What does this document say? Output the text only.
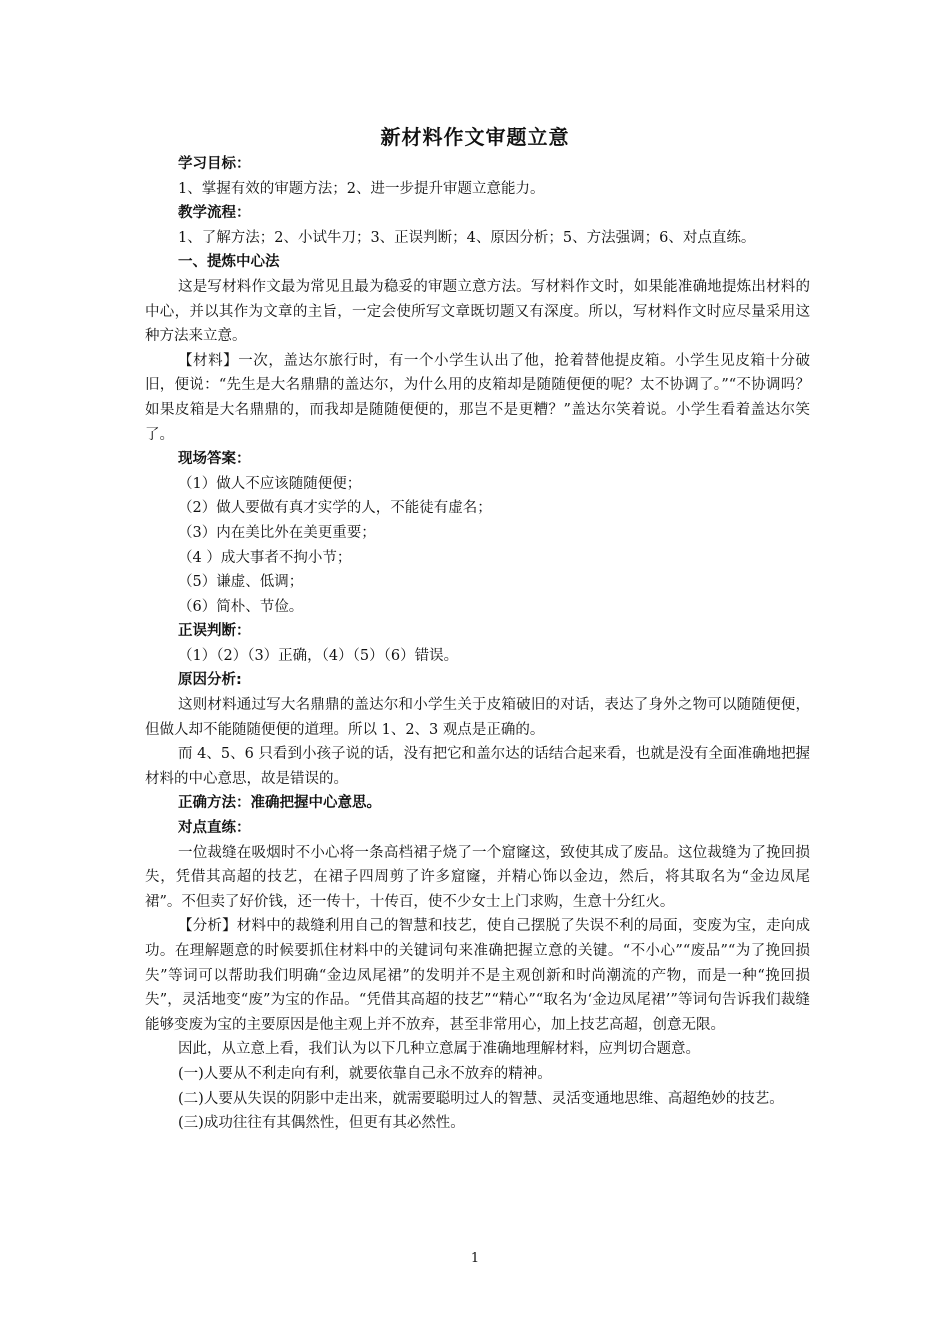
新材料作文审题立意

学习目标：

1、掌握有效的审题方法；2、进一步提升审题立意能力。

教学流程：

1、了解方法；2、小试牛刀；3、正误判断；4、原因分析；5、方法强调；6、对点直练。

一、提炼中心法

这是写材料作文最为常见且最为稳妥的审题立意方法。写材料作文时，如果能准确地提炼出材料的中心，并以其作为文章的主旨，一定会使所写文章既切题又有深度。所以，写材料作文时应尽量采用这种方法来立意。

【材料】一次，盖达尔旅行时，有一个小学生认出了他，抢着替他提皮箱。小学生见皮箱十分破旧，便说：“先生是大名鼎鼎的盖达尔，为什么用的皮箱却是随随便便的呢？太不协调了。”“不协调吗？如果皮箱是大名鼎鼎的，而我却是随随便便的，那岂不是更糟？”盖达尔笑着说。小学生看着盖达尔笑了。

现场答案：

（1）做人不应该随随便便；

（2）做人要做有真才实学的人，不能徒有虚名；

（3）内在美比外在美更重要；

（4 ）成大事者不拘小节；

（5）谦虚、低调；

（6）简朴、节俭。

正误判断：

（1）（2）（3）正确，（4）（5）（6）错误。

原因分析:

这则材料通过写大名鼎鼎的盖达尔和小学生关于皮箱破旧的对话，表达了身外之物可以随随便便，但做人却不能随随便便的道理。所以 1、2、3 观点是正确的。

而 4、5、6 只看到小孩子说的话，没有把它和盖尔达的话结合起来看，也就是没有全面准确地把握材料的中心意思，故是错误的。

正确方法：准确把握中心意思。

对点直练：

一位裁缝在吸烟时不小心将一条高档裙子烧了一个窟窿这，致使其成了废品。这位裁缝为了挽回损失，凭借其高超的技艺，在裙子四周剪了许多窟窿，并精心饰以金边，然后，将其取名为“金边凤尾裙”。不但卖了好价钱，还一传十，十传百，使不少女士上门求购，生意十分红火。

【分析】材料中的裁缝利用自己的智慧和技艺，使自己摆脱了失误不利的局面，变废为宝，走向成功。在理解题意的时候要抓住材料中的关键词句来准确把握立意的关键。“不小心”“废品”“为了挽回损失”等词可以帮助我们明确“金边凤尾裙”的发明并不是主观创新和时尚潮流的产物，而是一种“挽回损失”，灵活地变“废”为宝的作品。“凭借其高超的技艺”“精心”“取名为‘金边凤尾裙’”等词句告诉我们裁缝能够变废为宝的主要原因是他主观上并不放弃，甚至非常用心，加上技艺高超，创意无限。

因此，从立意上看，我们认为以下几种立意属于准确地理解材料，应判切合题意。

(一)人要从不利走向有利，就要依靠自己永不放弃的精神。

(二)人要从失误的阴影中走出来，就需要聪明过人的智慧、灵活变通地思维、高超绝妙的技艺。

(三)成功往往有其偶然性，但更有其必然性。

1
